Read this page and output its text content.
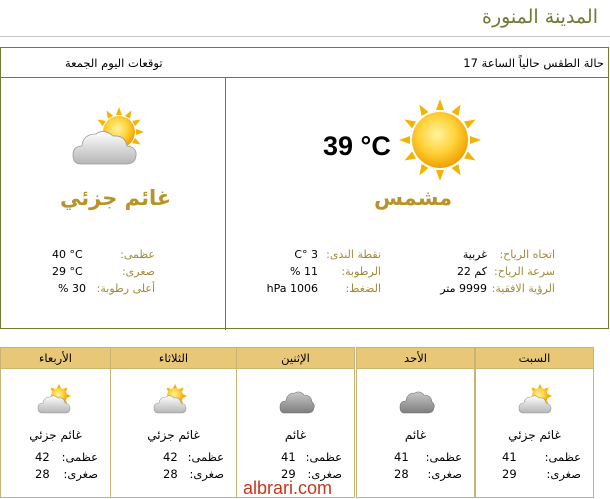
المدينة المنورة
حالة الطقس حالياً الساعة 17
توقعات اليوم الجمعة
39 °C
مشمس
اتجاه الرياح:
غربية
سرعة الرياح:
كم 22
الرؤية الافقية:
9999 متر
نقطة الندى:
3 °C
الرطوبة:
11 %
الضغط:
1006 hPa
غائم جزئي
عظمى:
40 °C
صغرى:
29 °C
أعلى رطوبة:
30 %
السبت
غائم جزئي
عظمى:
41
صغرى:
29
الأحد
غائم
عظمى:
41
صغرى:
28
الإثنين
غائم
عظمى:
41
صغرى:
29
الثلاثاء
غائم جزئي
عظمى:
42
صغرى:
28
الأربعاء
غائم جزئي
عظمى:
42
صغرى:
28
albrari.com
